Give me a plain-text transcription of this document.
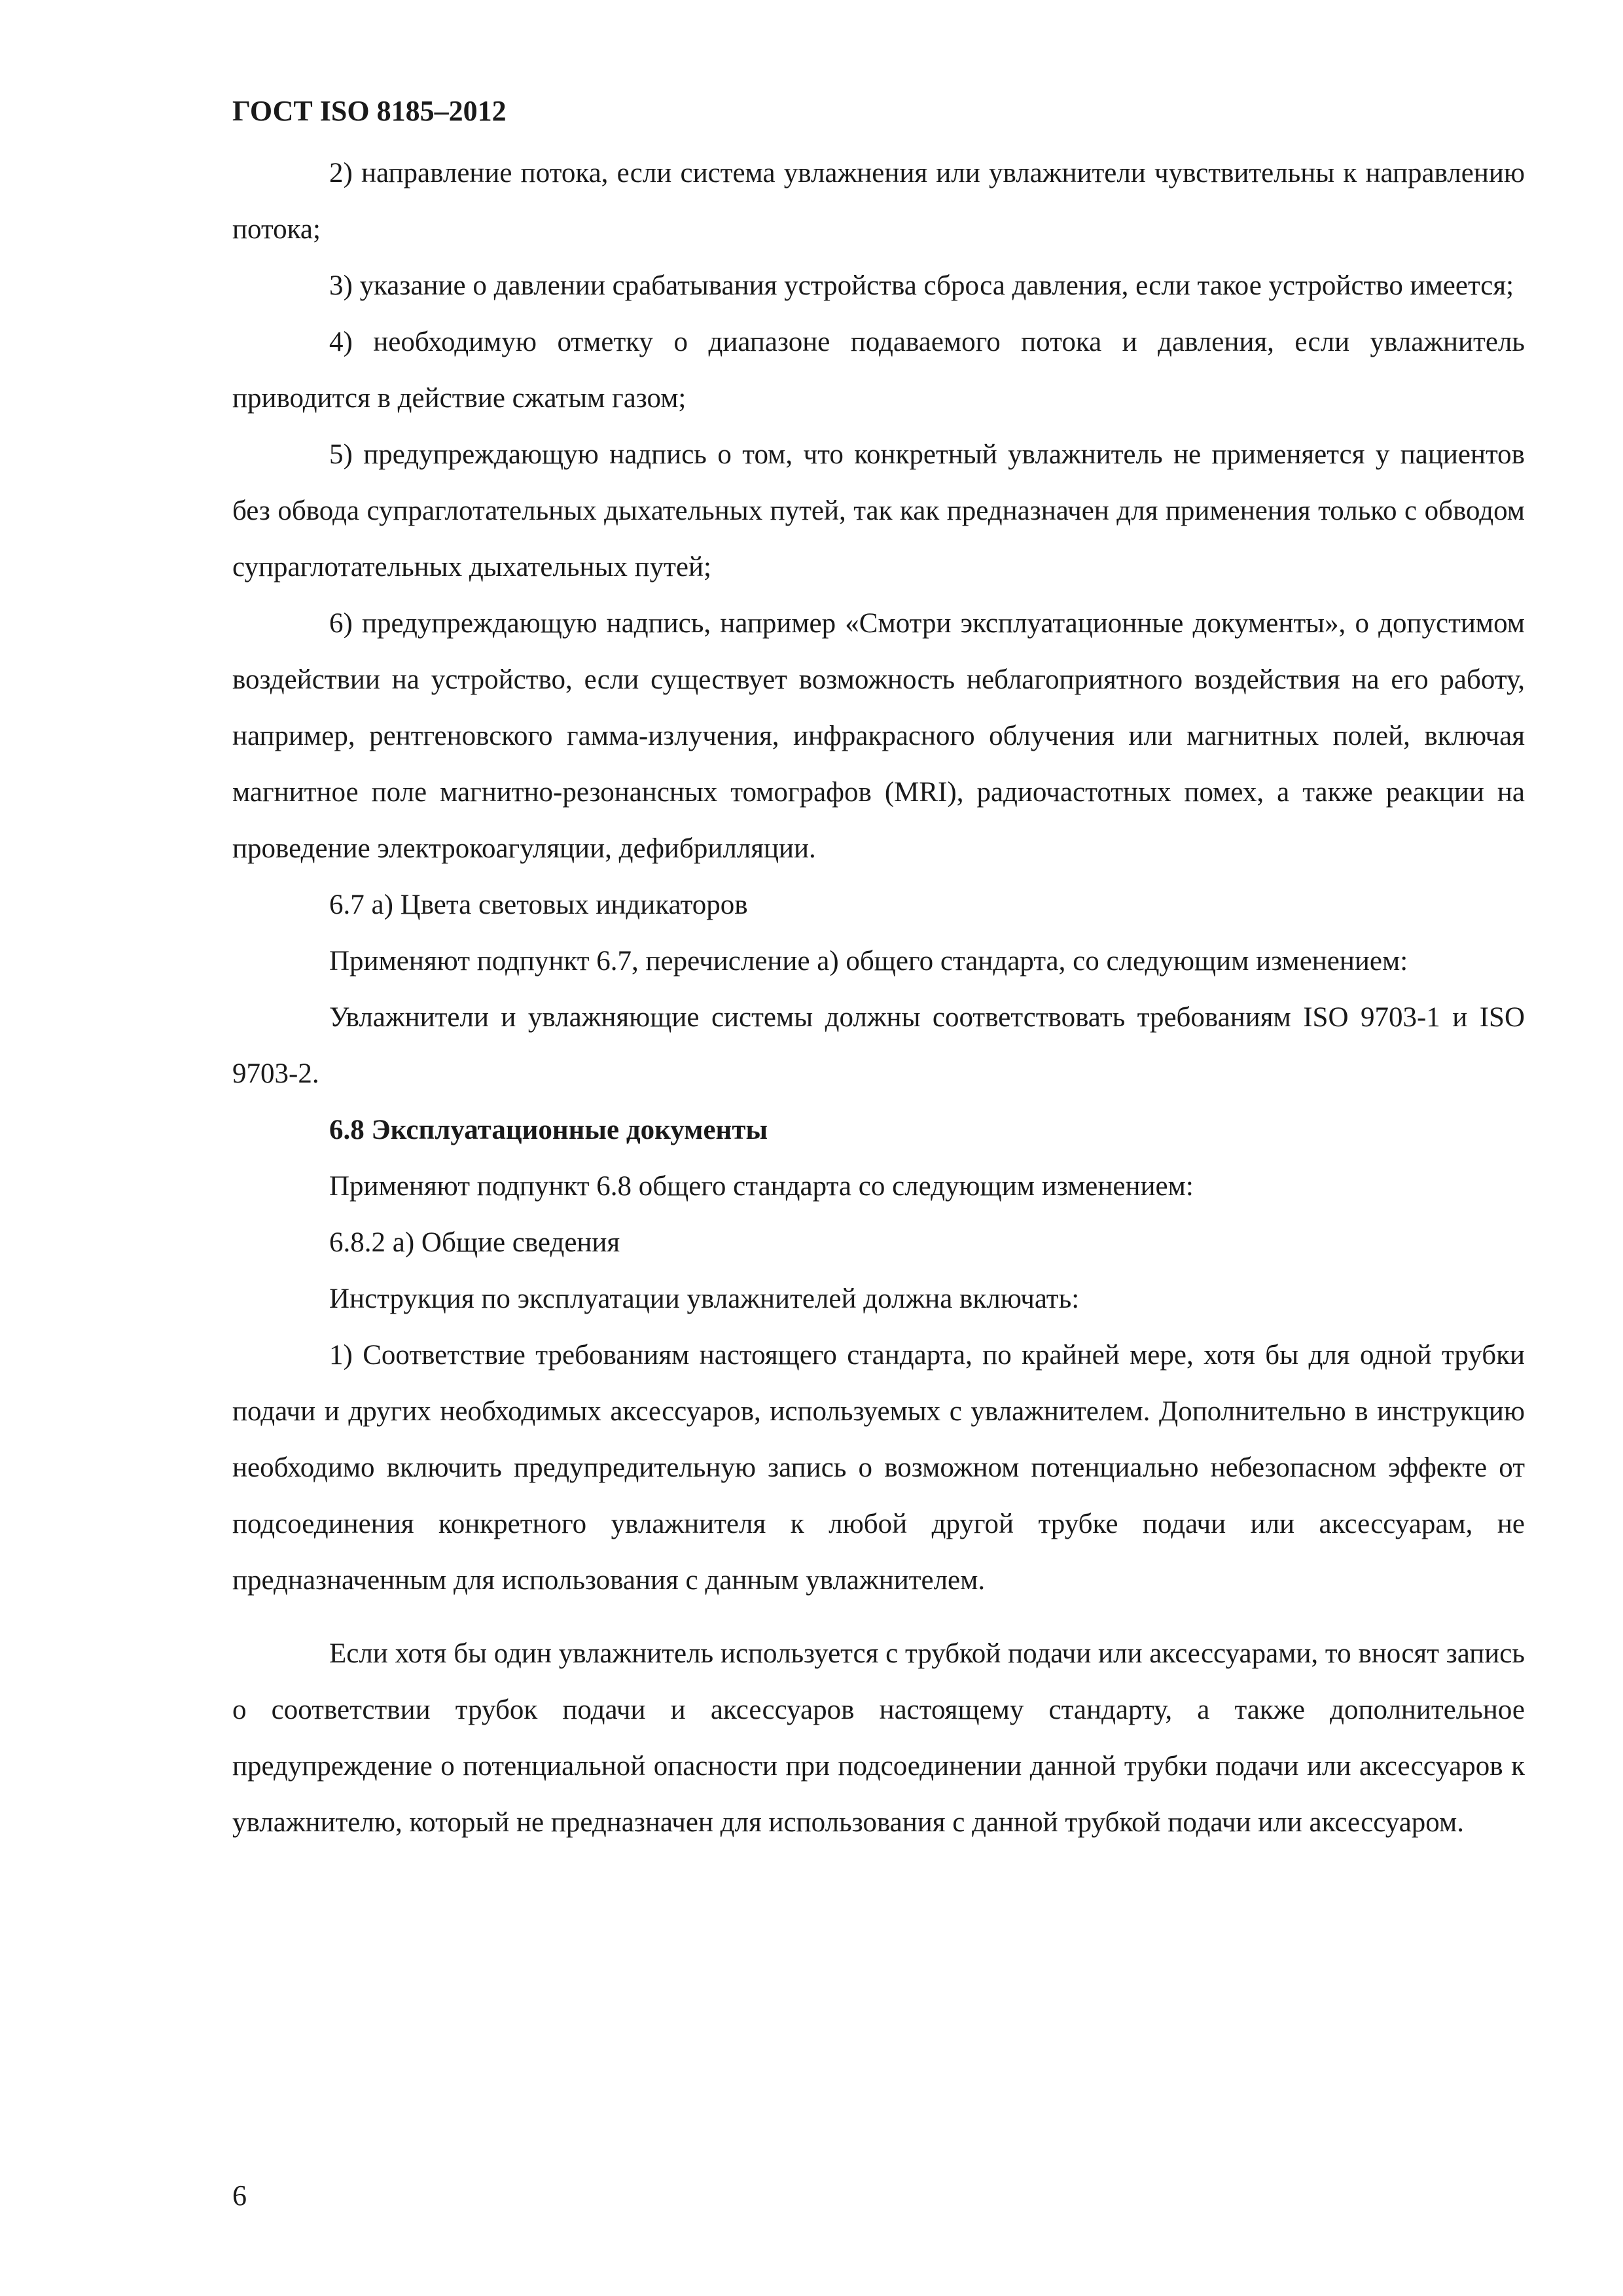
ГОСТ ISO 8185–2012

2) направление потока, если система увлажнения или увлажнители чувствительны к направлению потока;

3) указание о давлении срабатывания устройства сброса давления, если такое устройство имеется;

4) необходимую отметку о диапазоне подаваемого потока и давления, если увлажнитель приводится в действие сжатым газом;

5) предупреждающую надпись о том, что конкретный увлажнитель не применяется у пациентов без обвода супраглотательных дыхательных путей, так как предназначен для применения только с обводом супраглотательных дыхательных путей;

6) предупреждающую надпись, например «Смотри эксплуатационные документы», о допустимом воздействии на устройство, если существует возможность неблагоприятного воздействия на его работу, например, рентгеновского гамма-излучения, инфракрасного облучения или магнитных полей, включая магнитное поле магнитно-резонансных томографов (MRI), радиочастотных помех, а также реакции на проведение электрокоагуляции, дефибрилляции.

6.7 а) Цвета световых индикаторов

Применяют подпункт 6.7, перечисление а) общего стандарта, со следующим изменением:

Увлажнители и увлажняющие системы должны соответствовать требованиям ISO 9703-1 и ISO 9703-2.

6.8 Эксплуатационные документы

Применяют подпункт 6.8 общего стандарта со следующим изменением:

6.8.2 а) Общие сведения

Инструкция по эксплуатации увлажнителей должна включать:

1) Соответствие требованиям настоящего стандарта, по крайней мере, хотя бы для одной трубки подачи и других необходимых аксессуаров, используемых с увлажнителем. Дополнительно в инструкцию необходимо включить предупредительную запись о возможном потенциально небезопасном эффекте от подсоединения конкретного увлажнителя к любой другой трубке подачи или аксессуарам, не предназначенным для использования с данным увлажнителем.

Если хотя бы один увлажнитель используется с трубкой подачи или аксессуарами, то вносят запись о соответствии трубок подачи и аксессуаров настоящему стандарту, а также дополнительное предупреждение о потенциальной опасности при подсоединении данной трубки подачи или аксессуаров к увлажнителю, который не предназначен для использования с данной трубкой подачи или аксессуаром.

6
